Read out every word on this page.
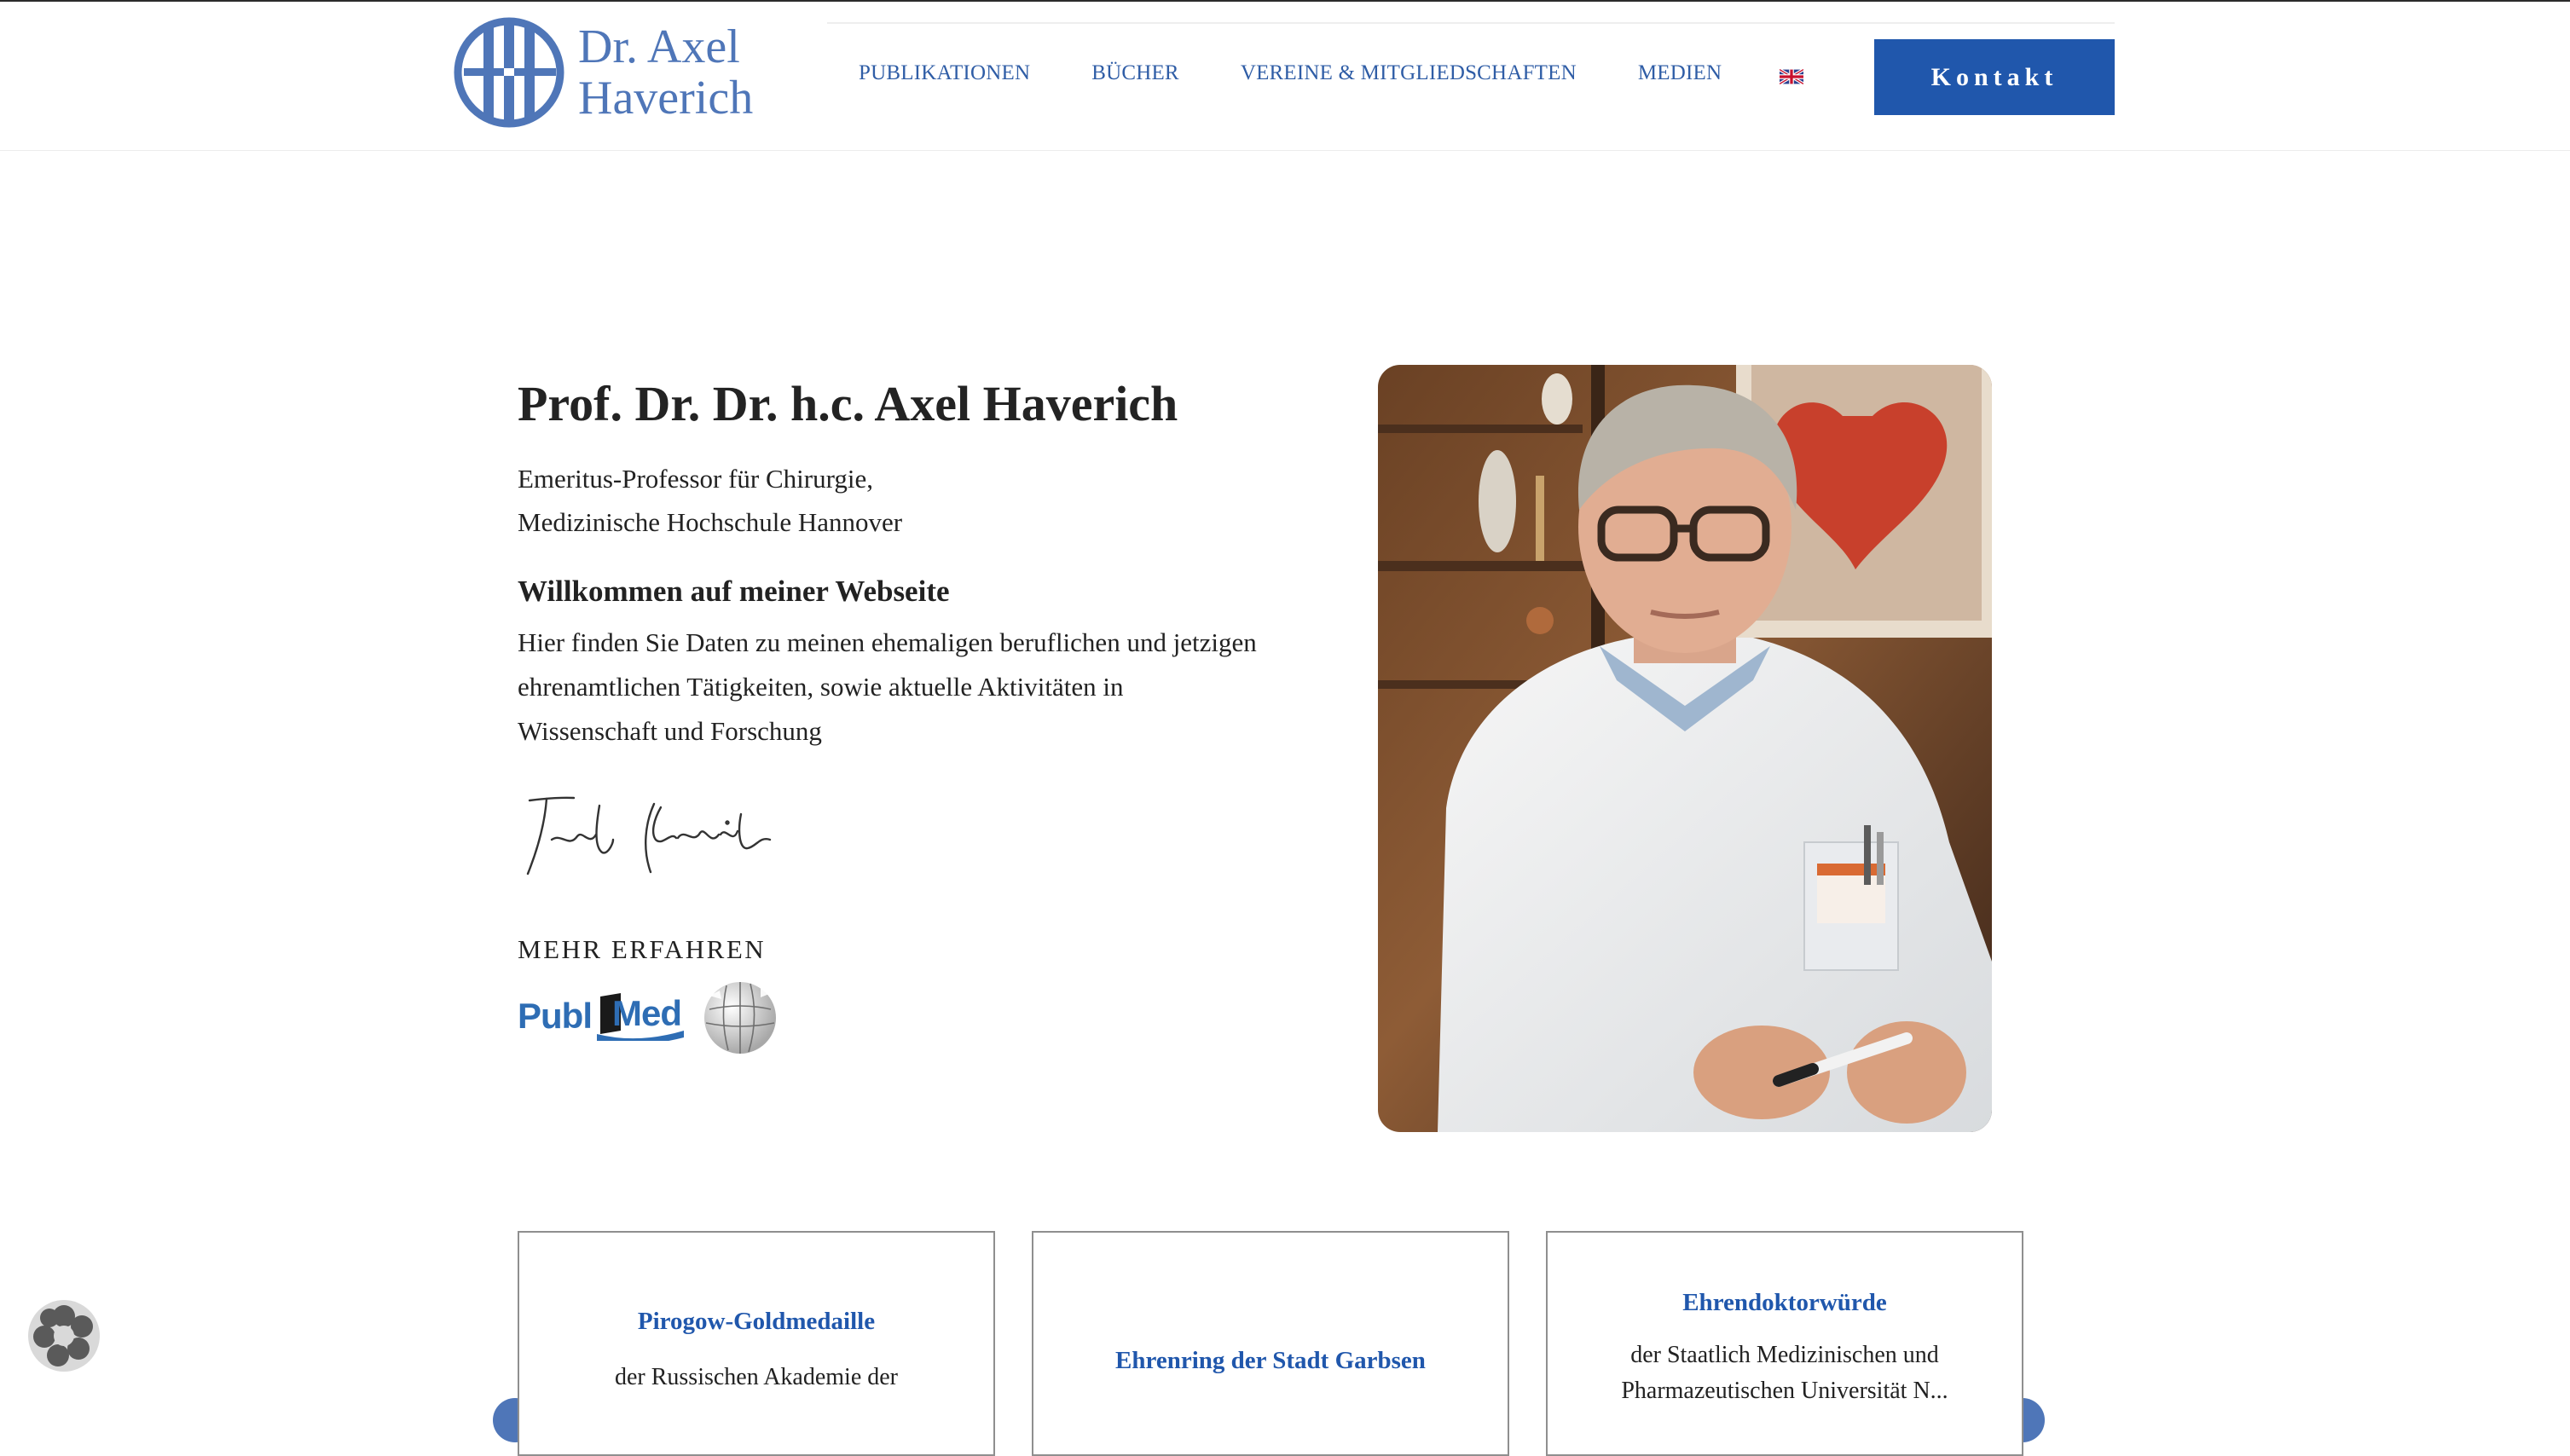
Dr. Axel
Haverich	PUBLIKATIONEN	BÜCHER	VEREINE & MITGLIEDSCHAFTEN	MEDIEN	Kontakt
Prof. Dr. Dr. h.c. Axel Haverich
Emeritus-Professor für Chirurgie,
Medizinische Hochschule Hannover
Willkommen auf meiner Webseite

Hier finden Sie Daten zu meinen ehemaligen beruflichen und jetzigen ehrenamtlichen Tätigkeiten, sowie aktuelle Aktivitäten in Wissenschaft und Forschung

MEHR ERFAHREN
Publ Med
Pirogow-Goldmedaille

der Russischen Akademie der

Ehrenring der Stadt Garbsen

Ehrendoktorwürde

der Staatlich Medizinischen und Pharmazeutischen Universität N...
